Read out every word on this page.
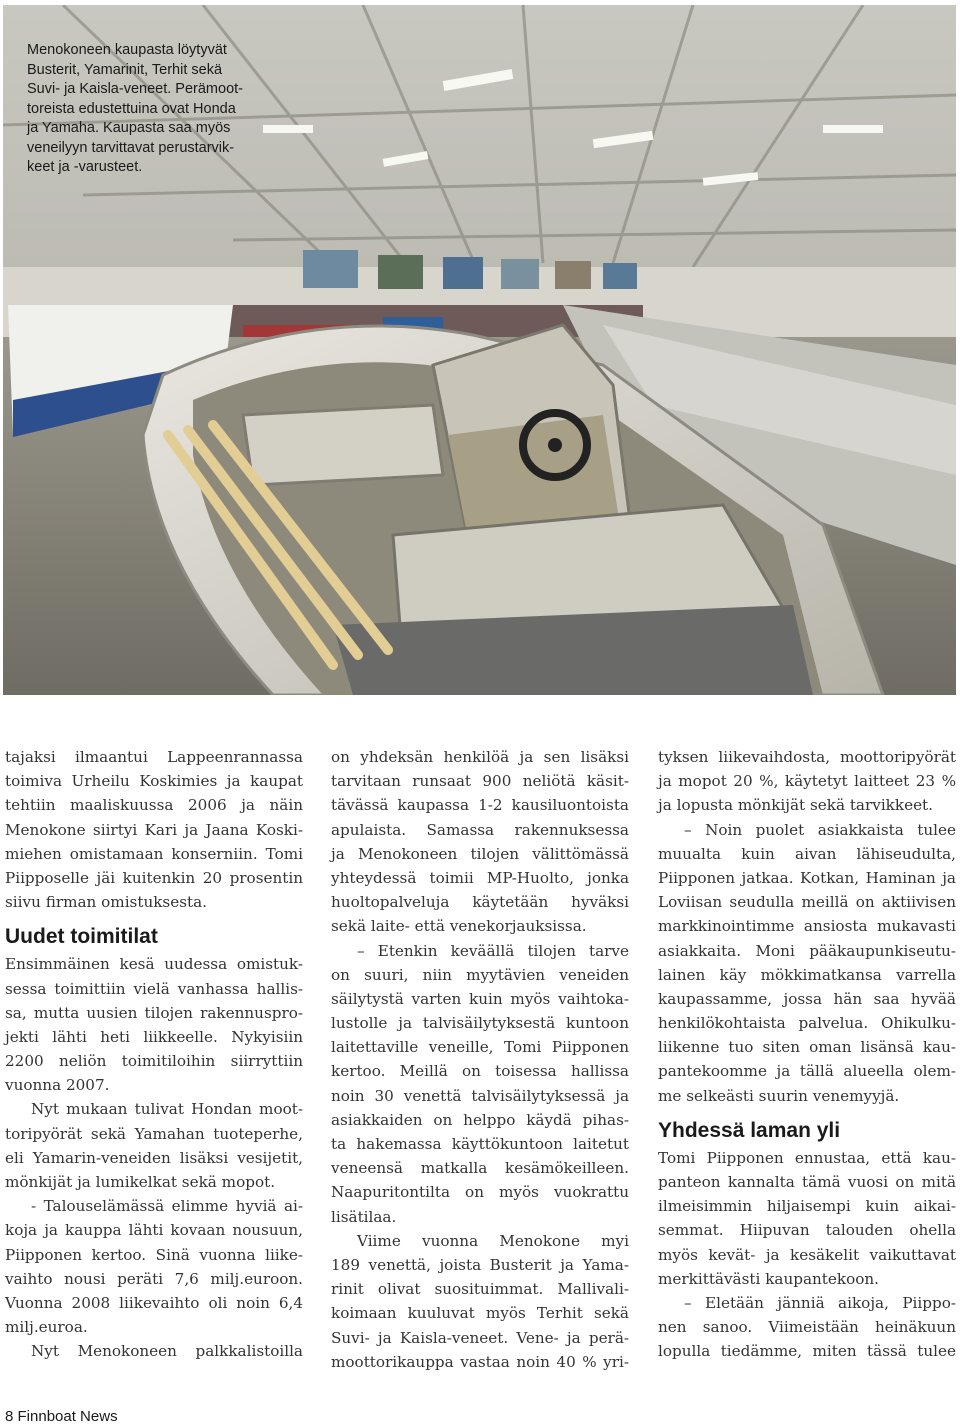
Menokoneen kaupasta löytyvät
Busterit, Yamarinit, Terhit sekä
Suvi- ja Kaisla-veneet. Perämoot-
toreista edustettuina ovat Honda
ja Yamaha. Kaupasta saa myös
veneilyyn tarvittavat perustarvik-
keet ja -varusteet.

tajaksi ilmaantui Lappeenrannassa
toimiva Urheilu Koskimies ja kaupat
tehtiin maaliskuussa 2006 ja näin
Menokone siirtyi Kari ja Jaana Koski-
miehen omistamaan konserniin. Tomi
Piipposelle jäi kuitenkin 20 prosentin
siivu firman omistuksesta.
Uudet toimitilat
Ensimmäinen kesä uudessa omistuk-
sessa toimittiin vielä vanhassa hallis-
sa, mutta uusien tilojen rakennuspro-
jekti lähti heti liikkeelle. Nykyisiin
2200 neliön toimitiloihin siirryttiin
vuonna 2007.
Nyt mukaan tulivat Hondan moot-
toripyörät sekä Yamahan tuoteperhe,
eli Yamarin-veneiden lisäksi vesijetit,
mönkijät ja lumikelkat sekä mopot.
- Talouselämässä elimme hyviä ai-
koja ja kauppa lähti kovaan nousuun,
Piipponen kertoo. Sinä vuonna liike-
vaihto nousi peräti 7,6 milj.euroon.
Vuonna 2008 liikevaihto oli noin 6,4
milj.euroa.
Nyt Menokoneen palkkalistoilla
on yhdeksän henkilöä ja sen lisäksi
tarvitaan runsaat 900 neliötä käsit-
tävässä kaupassa 1-2 kausiluontoista
apulaista. Samassa rakennuksessa
ja Menokoneen tilojen välittömässä
yhteydessä toimii MP-Huolto, jonka
huoltopalveluja käytetään hyväksi
sekä laite- että venekorjauksissa.
– Etenkin keväällä tilojen tarve
on suuri, niin myytävien veneiden
säilytystä varten kuin myös vaihtoka-
lustolle ja talvisäilytyksestä kuntoon
laitettaville veneille, Tomi Piipponen
kertoo. Meillä on toisessa hallissa
noin 30 venettä talvisäilytyksessä ja
asiakkaiden on helppo käydä pihas-
ta hakemassa käyttökuntoon laitetut
veneensä matkalla kesämökeilleen.
Naapuritontilta on myös vuokrattu
lisätilaa.
Viime vuonna Menokone myi
189 venettä, joista Busterit ja Yama-
rinit olivat suosituimmat. Mallivali-
koimaan kuuluvat myös Terhit sekä
Suvi- ja Kaisla-veneet. Vene- ja perä-
moottorikauppa vastaa noin 40 % yri-
tyksen liikevaihdosta, moottoripyörät
ja mopot 20 %, käytetyt laitteet 23 %
ja lopusta mönkijät sekä tarvikkeet.
– Noin puolet asiakkaista tulee
muualta kuin aivan lähiseudulta,
Piipponen jatkaa. Kotkan, Haminan ja
Loviisan seudulla meillä on aktiivisen
markkinointimme ansiosta mukavasti
asiakkaita. Moni pääkaupunkiseutu-
lainen käy mökkimatkansa varrella
kaupassamme, jossa hän saa hyvää
henkilökohtaista palvelua. Ohikulku-
liikenne tuo siten oman lisänsä kau-
pantekoomme ja tällä alueella olem-
me selkeästi suurin venemyyjä.
Yhdessä laman yli
Tomi Piipponen ennustaa, että kau-
panteon kannalta tämä vuosi on mitä
ilmeisimmin hiljaisempi kuin aikai-
semmat. Hiipuvan talouden ohella
myös kevät- ja kesäkelit vaikuttavat
merkittävästi kaupantekoon.
– Eletään jänniä aikoja, Piippo-
nen sanoo. Viimeistään heinäkuun
lopulla tiedämme, miten tässä tulee
8 Finnboat News
